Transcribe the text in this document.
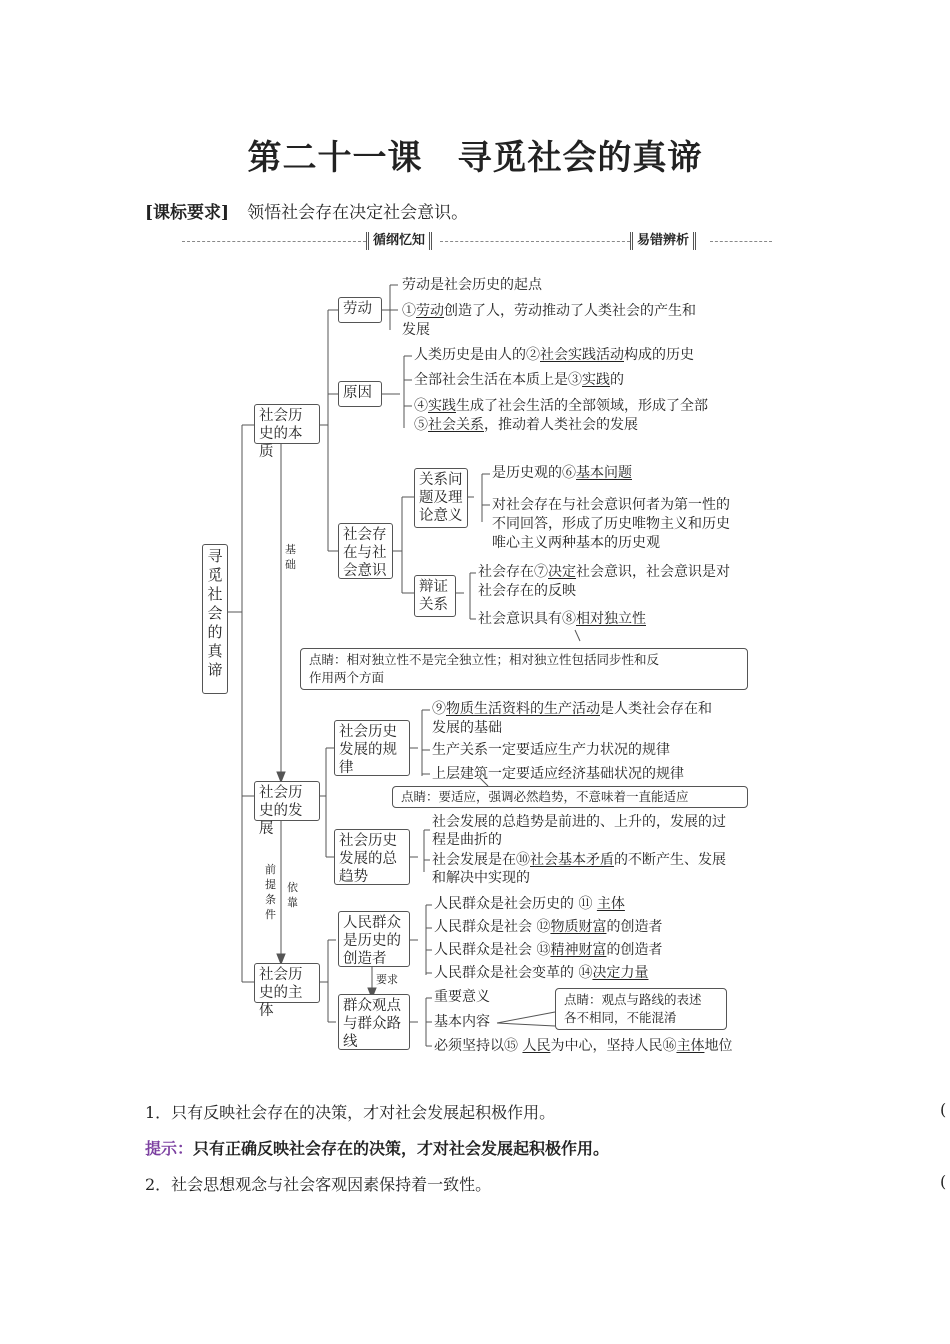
第二十一课　寻觅社会的真谛
[课标要求] 领悟社会存在决定社会意识。
循纲忆知	易错辨析
寻觅社会的真谛
社会历史的本质
基础
劳动
劳动是社会历史的起点
①劳动创造了人，劳动推动了人类社会的产生和
发展
原因
人类历史是由人的②社会实践活动构成的历史
全部社会生活在本质上是③实践的
④实践生成了社会生活的全部领域，形成了全部
⑤社会关系，推动着人类社会的发展
社会存在与社会意识
关系问题及理论意义
是历史观的⑥基本问题
对社会存在与社会意识何者为第一性的
不同回答，形成了历史唯物主义和历史
唯心主义两种基本的历史观
辩证关系
社会存在⑦决定社会意识，社会意识是对
社会存在的反映
社会意识具有⑧相对独立性
点睛：相对独立性不是完全独立性；相对独立性包括同步性和反
作用两个方面
社会历史的发展
前提条件
依靠
社会历史发展的规律
⑨物质生活资料的生产活动是人类社会存在和
发展的基础
生产关系一定要适应生产力状况的规律
上层建筑一定要适应经济基础状况的规律
点睛：要适应，强调必然趋势，不意味着一直能适应
社会历史发展的总趋势
社会发展的总趋势是前进的、上升的，发展的过
程是曲折的
社会发展是在⑩社会基本矛盾的不断产生、发展
和解决中实现的
社会历史的主体
人民群众是历史的创造者
要求
人民群众是社会历史的 ⑪ 主体
人民群众是社会 ⑫物质财富的创造者
人民群众是社会 ⑬精神财富的创造者
人民群众是社会变革的 ⑭决定力量
群众观点与群众路线
重要意义
基本内容
必须坚持以⑮ 人民为中心，坚持人民⑯主体地位
点睛：观点与路线的表述
各不相同，不能混淆
1．只有反映社会存在的决策，才对社会发展起积极作用。	(
提示：只有正确反映社会存在的决策，才对社会发展起积极作用。
2．社会思想观念与社会客观因素保持着一致性。	(
